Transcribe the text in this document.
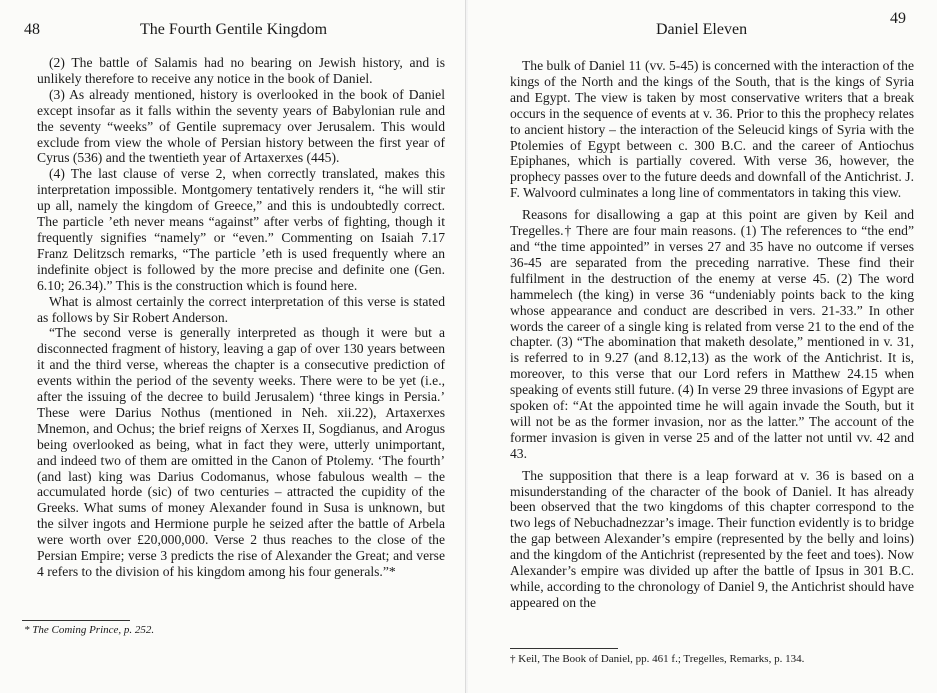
48	The Fourth Gentile Kingdom

(2) The battle of Salamis had no bearing on Jewish history, and is unlikely therefore to receive any notice in the book of Daniel.

(3) As already mentioned, history is overlooked in the book of Daniel except insofar as it falls within the seventy years of Babylonian rule and the seventy “weeks” of Gentile supremacy over Jerusalem. This would exclude from view the whole of Persian history between the first year of Cyrus (536) and the twentieth year of Artaxerxes (445).

(4) The last clause of verse 2, when correctly translated, makes this interpretation impossible. Montgomery tentatively renders it, “he will stir up all, namely the kingdom of Greece,” and this is undoubtedly correct. The particle ’eth never means “against” after verbs of fighting, though it frequently signifies “namely” or “even.” Commenting on Isaiah 7.17 Franz Delitzsch remarks, “The particle ’eth is used frequently where an indefinite object is followed by the more precise and definite one (Gen. 6.10; 26.34).” This is the construction which is found here.

What is almost certainly the correct interpretation of this verse is stated as follows by Sir Robert Anderson.

“The second verse is generally interpreted as though it were but a disconnected fragment of history, leaving a gap of over 130 years between it and the third verse, whereas the chapter is a consecutive prediction of events within the period of the seventy weeks. There were to be yet (i.e., after the issuing of the decree to build Jerusalem) ‘three kings in Persia.’ These were Darius Nothus (mentioned in Neh. xii.22), Artaxerxes Mnemon, and Ochus; the brief reigns of Xerxes II, Sogdianus, and Arogus being overlooked as being, what in fact they were, utterly unimportant, and indeed two of them are omitted in the Canon of Ptolemy. ‘The fourth’ (and last) king was Darius Codomanus, whose fabulous wealth – the accumulated horde (sic) of two centuries – attracted the cupidity of the Greeks. What sums of money Alexander found in Susa is unknown, but the silver ingots and Hermione purple he seized after the battle of Arbela were worth over £20,000,000. Verse 2 thus reaches to the close of the Persian Empire; verse 3 predicts the rise of Alexander the Great; and verse 4 refers to the division of his kingdom among his four generals.”*

* The Coming Prince, p. 252.
Daniel Eleven
49

The bulk of Daniel 11 (vv. 5-45) is concerned with the interaction of the kings of the North and the kings of the South, that is the kings of Syria and Egypt. The view is taken by most conservative writers that a break occurs in the sequence of events at v. 36. Prior to this the prophecy relates to ancient history – the interaction of the Seleucid kings of Syria with the Ptolemies of Egypt between c. 300 B.C. and the career of Antiochus Epiphanes, which is partially covered. With verse 36, however, the prophecy passes over to the future deeds and downfall of the Antichrist. J. F. Walvoord culminates a long line of commentators in taking this view.

Reasons for disallowing a gap at this point are given by Keil and Tregelles.† There are four main reasons. (1) The references to “the end” and “the time appointed” in verses 27 and 35 have no outcome if verses 36-45 are separated from the preceding narrative. These find their fulfilment in the destruction of the enemy at verse 45. (2) The word hammelech (the king) in verse 36 “undeniably points back to the king whose appearance and conduct are described in vers. 21-33.” In other words the career of a single king is related from verse 21 to the end of the chapter. (3) “The abomination that maketh desolate,” mentioned in v. 31, is referred to in 9.27 (and 8.12,13) as the work of the Antichrist. It is, moreover, to this verse that our Lord refers in Matthew 24.15 when speaking of events still future. (4) In verse 29 three invasions of Egypt are spoken of: “At the appointed time he will again invade the South, but it will not be as the former invasion, nor as the latter.” The account of the former invasion is given in verse 25 and of the latter not until vv. 42 and 43.

The supposition that there is a leap forward at v. 36 is based on a misunderstanding of the character of the book of Daniel. It has already been observed that the two kingdoms of this chapter correspond to the two legs of Nebuchadnezzar’s image. Their function evidently is to bridge the gap between Alexander’s empire (represented by the belly and loins) and the kingdom of the Antichrist (represented by the feet and toes). Now Alexander’s empire was divided up after the battle of Ipsus in 301 B.C. while, according to the chronology of Daniel 9, the Antichrist should have appeared on the

† Keil, The Book of Daniel, pp. 461 f.; Tregelles, Remarks, p. 134.
